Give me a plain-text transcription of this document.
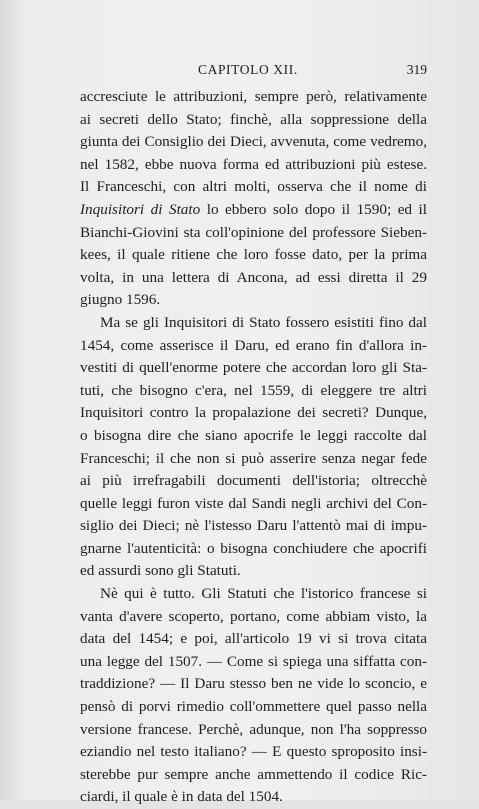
CAPITOLO XII.	319
accresciute le attribuzioni, sempre però, relativamente
ai secreti dello Stato; finchè, alla soppressione della
giunta dei Consiglio dei Dieci, avvenuta, come vedremo,
nel 1582, ebbe nuova forma ed attribuzioni più estese.
Il Franceschi, con altri molti, osserva che il nome di
Inquisitori di Stato lo ebbero solo dopo il 1590; ed il
Bianchi-Giovini sta coll'opinione del professore Sieben-
kees, il quale ritiene che loro fosse dato, per la prima
volta, in una lettera di Ancona, ad essi diretta il 29
giugno 1596.
Ma se gli Inquisitori di Stato fossero esistiti fino dal
1454, come asserisce il Daru, ed erano fin d'allora in-
vestiti di quell'enorme potere che accordan loro gli Sta-
tuti, che bisogno c'era, nel 1559, di eleggere tre altri
Inquisitori contro la propalazione dei secreti? Dunque,
o bisogna dire che siano apocrife le leggi raccolte dal
Franceschi; il che non si può asserire senza negar fede
ai più irrefragabili documenti dell'istoria; oltrecchè
quelle leggi furon viste dal Sandi negli archivi del Con-
siglio dei Dieci; nè l'istesso Daru l'attentò mai di impu-
gnarne l'autenticità: o bisogna conchiudere che apocrifi
ed assurdi sono gli Statuti.
Nè qui è tutto. Gli Statuti che l'istorico francese si
vanta d'avere scoperto, portano, come abbiam visto, la
data del 1454; e poi, all'articolo 19 vi si trova citata
una legge del 1507. — Come si spiega una siffatta con-
traddizione? — Il Daru stesso ben ne vide lo sconcio, e
pensò di porvi rimedio coll'ommettere quel passo nella
versione francese. Perchè, adunque, non l'ha soppresso
eziandio nel testo italiano? — E questo sproposito insi-
sterebbe pur sempre anche ammettendo il codice Ric-
ciardi, il quale è in data del 1504.
